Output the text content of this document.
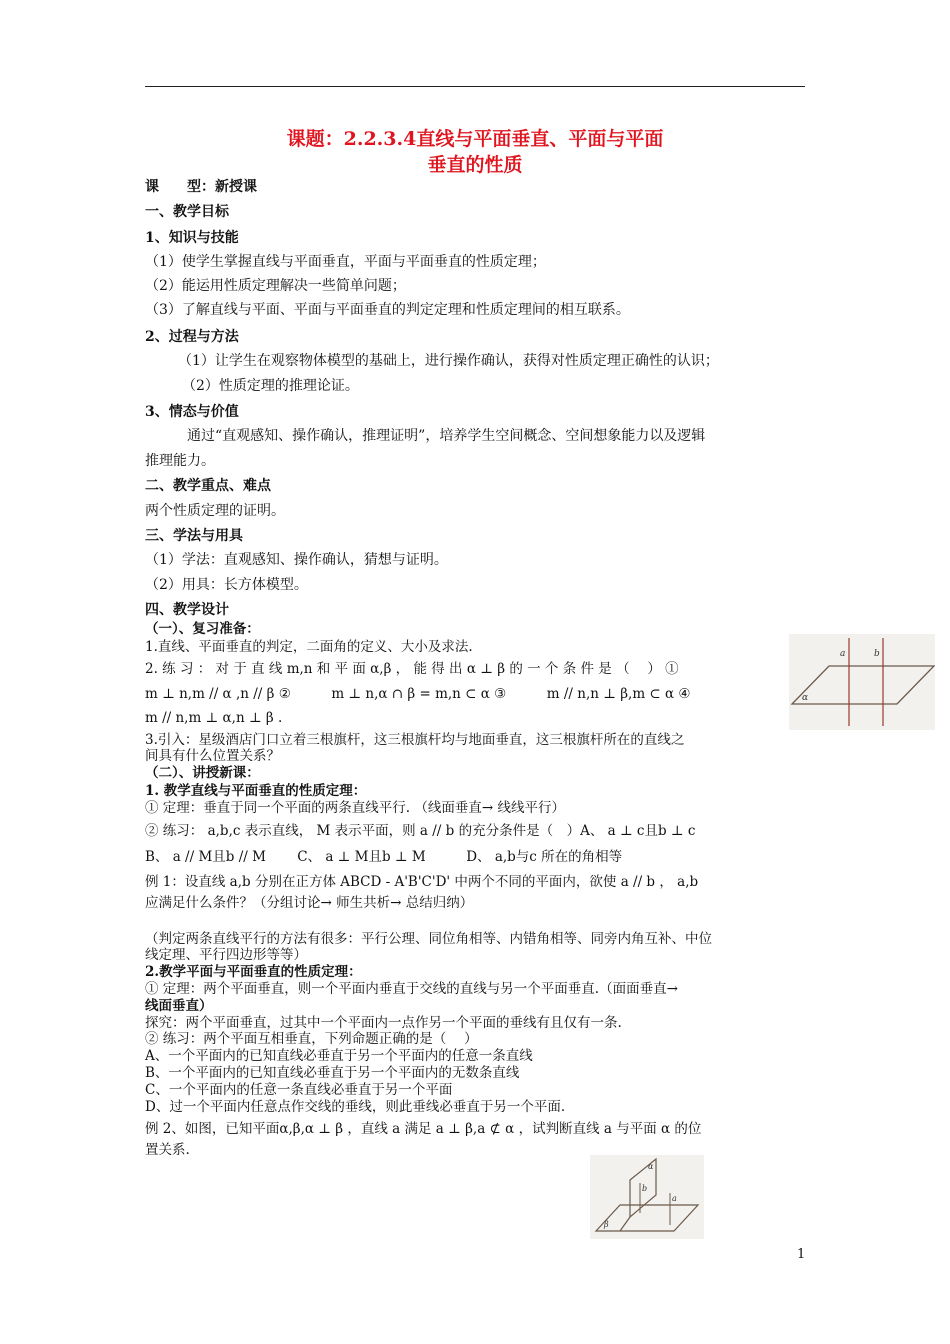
课题：2.2.3.4直线与平面垂直、平面与平面
垂直的性质
课　　型：新授课
一、教学目标
1、知识与技能
（1）使学生掌握直线与平面垂直，平面与平面垂直的性质定理；
（2）能运用性质定理解决一些简单问题；
（3）了解直线与平面、平面与平面垂直的判定定理和性质定理间的相互联系。
2、过程与方法
（1）让学生在观察物体模型的基础上，进行操作确认，获得对性质定理正确性的认识；
（2）性质定理的推理论证。
3、情态与价值
通过“直观感知、操作确认，推理证明”，培养学生空间概念、空间想象能力以及逻辑
推理能力。
二、教学重点、难点
两个性质定理的证明。
三、学法与用具
（1）学法：直观感知、操作确认，猜想与证明。
（2）用具：长方体模型。
四、教学设计
（一）、复习准备：
1.直线、平面垂直的判定，二面角的定义、大小及求法.
2. 练 习 ： 对 于 直 线 m,n 和 平 面 α,β ， 能 得 出 α ⊥ β 的 一 个 条 件 是 （　 ） ①
m ⊥ n,m // α ,n // β ②　　　m ⊥ n,α ∩ β = m,n ⊂ α ③　　　m // n,n ⊥ β,m ⊂ α ④
m // n,m ⊥ α,n ⊥ β .
3.引入：星级酒店门口立着三根旗杆，这三根旗杆均与地面垂直，这三根旗杆所在的直线之
间具有什么位置关系？
（二）、讲授新课：
1. 教学直线与平面垂直的性质定理：
① 定理：垂直于同一个平面的两条直线平行. （线面垂直→ 线线平行）
② 练习： a,b,c 表示直线， M 表示平面，则 a // b 的充分条件是（　）A、 a ⊥ c且b ⊥ c
B、 a // M且b // M　　 C、 a ⊥ M且b ⊥ M　　　D、 a,b与c 所在的角相等
例 1：设直线 a,b 分别在正方体 ABCD - A'B'C'D' 中两个不同的平面内，欲使 a // b ， a,b
应满足什么条件？（分组讨论→ 师生共析→ 总结归纳）
（判定两条直线平行的方法有很多：平行公理、同位角相等、内错角相等、同旁内角互补、中位
线定理、平行四边形等等）
2.教学平面与平面垂直的性质定理：
① 定理：两个平面垂直，则一个平面内垂直于交线的直线与另一个平面垂直.（面面垂直→
线面垂直）
探究：两个平面垂直，过其中一个平面内一点作另一个平面的垂线有且仅有一条.
② 练习：两个平面互相垂直，下列命题正确的是（　 ）
A、一个平面内的已知直线必垂直于另一个平面内的任意一条直线
B、一个平面内的已知直线必垂直于另一个平面内的无数条直线
C、一个平面内的任意一条直线必垂直于另一个平面
D、过一个平面内任意点作交线的垂线，则此垂线必垂直于另一个平面.
例 2、如图，已知平面α,β,α ⊥ β ，直线 a 满足 a ⊥ β,a ⊄ α ，试判断直线 a 与平面 α 的位
置关系.
a	b
α
α
b
a
β
1
